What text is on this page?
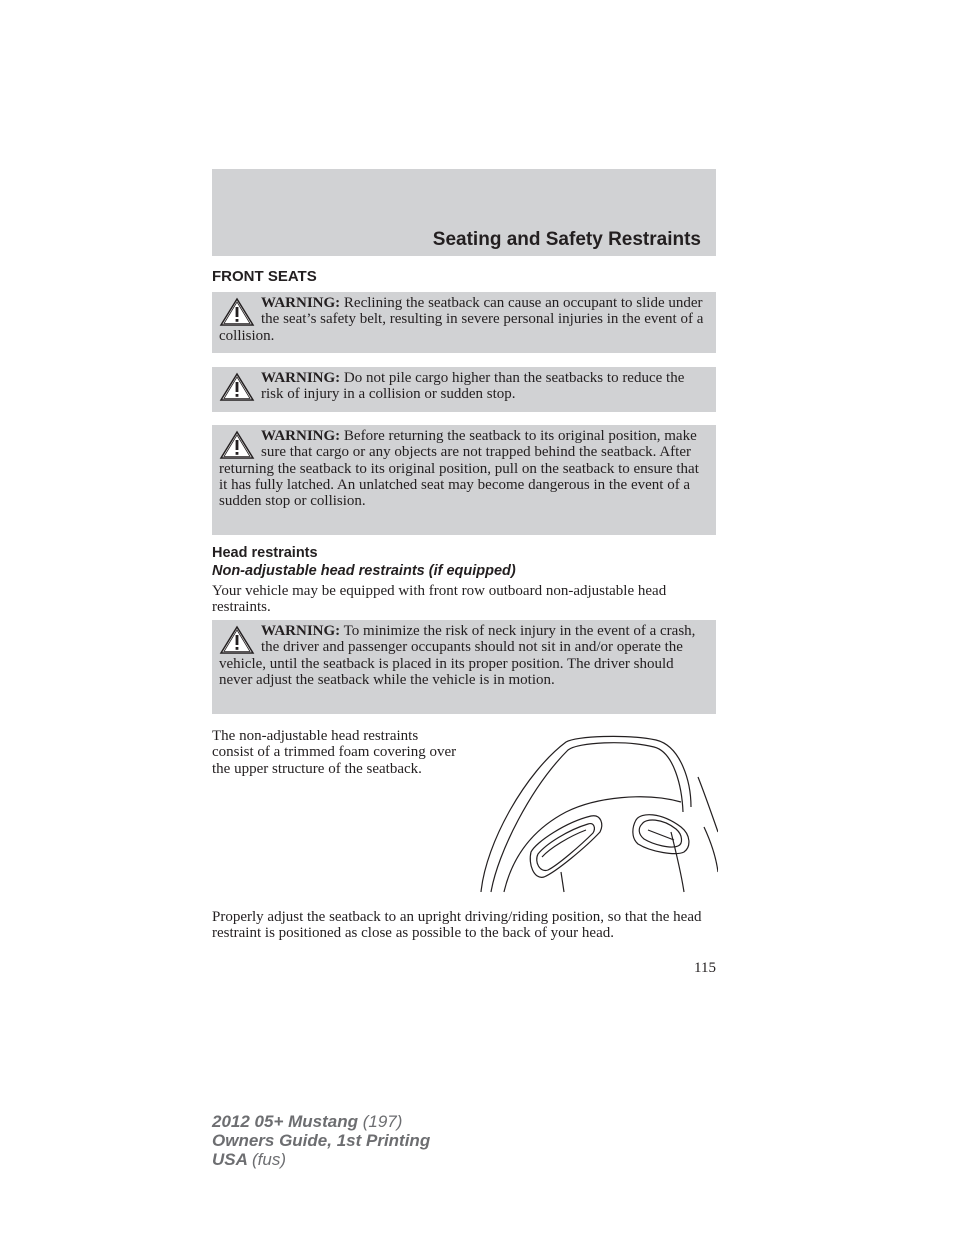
Seating and Safety Restraints
FRONT SEATS
WARNING: Reclining the seatback can cause an occupant to slide under the seat’s safety belt, resulting in severe personal injuries in the event of a collision.
WARNING: Do not pile cargo higher than the seatbacks to reduce the risk of injury in a collision or sudden stop.
WARNING: Before returning the seatback to its original position, make sure that cargo or any objects are not trapped behind the seatback. After returning the seatback to its original position, pull on the seatback to ensure that it has fully latched. An unlatched seat may become dangerous in the event of a sudden stop or collision.
Head restraints
Non-adjustable head restraints (if equipped)
Your vehicle may be equipped with front row outboard non-adjustable head restraints.
WARNING: To minimize the risk of neck injury in the event of a crash, the driver and passenger occupants should not sit in and/or operate the vehicle, until the seatback is placed in its proper position. The driver should never adjust the seatback while the vehicle is in motion.
The non-adjustable head restraints consist of a trimmed foam covering over the upper structure of the seatback.
Properly adjust the seatback to an upright driving/riding position, so that the head restraint is positioned as close as possible to the back of your head.
115
2012 05+ Mustang (197)
Owners Guide, 1st Printing
USA (fus)
